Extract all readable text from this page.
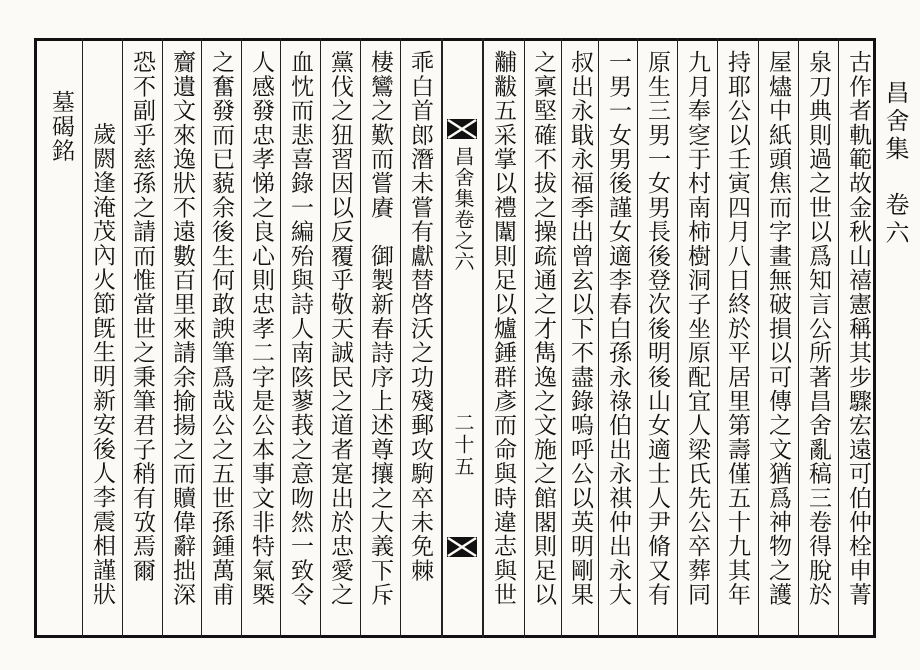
昌舍集　卷六
古作者軌範故金秋山禧憲稱其步驟宏遠可伯仲栓申菁
泉刀典則過之世以爲知言公所著昌舍亂稿三卷得脫於
屋燼中紙頭焦而字畫無破損以可傳之文猶爲神物之護
持耶公以壬寅四月八日終於平居里第壽僅五十九其年
九月奉窆于村南柿樹洞子坐原配宜人梁氏先公卒葬同
原生三男一女男長後登次後明後山女適士人尹脩又有
一男一女男後謹女適李春白孫永祿伯出永祺仲出永大
叔出永戢永福季出曾玄以下不盡錄嗚呼公以英明剛果
之稟堅確不拔之操疏通之才雋逸之文施之館閣則足以
黼黻五采掌以禮闈則足以爐錘群彥而命與時違志與世
昌舍集卷之六
二十五
乖白首郎潛未嘗有獻替啓沃之功殘郵攻駒卒未免棘
棲鸞之歎而嘗賡　御製新春詩序上述尊攘之大義下斥
黨伐之狃習因以反覆乎敬天誠民之道者寔出於忠愛之
血忱而悲喜錄一編殆與詩人南陔蓼莪之意吻然一致令
人感發忠孝悌之良心則忠孝二字是公本事文非特氣槩
之奮發而已藐余後生何敢諛筆爲哉公之五世孫鍾萬甫
齎遺文來逸狀不遠數百里來請余揄揚之而贖偉辭拙深
恐不副乎慈孫之請而惟當世之秉筆君子稍有攷焉爾
歲閼逢淹茂內火節旣生明新安後人李震相謹狀
墓碣銘
